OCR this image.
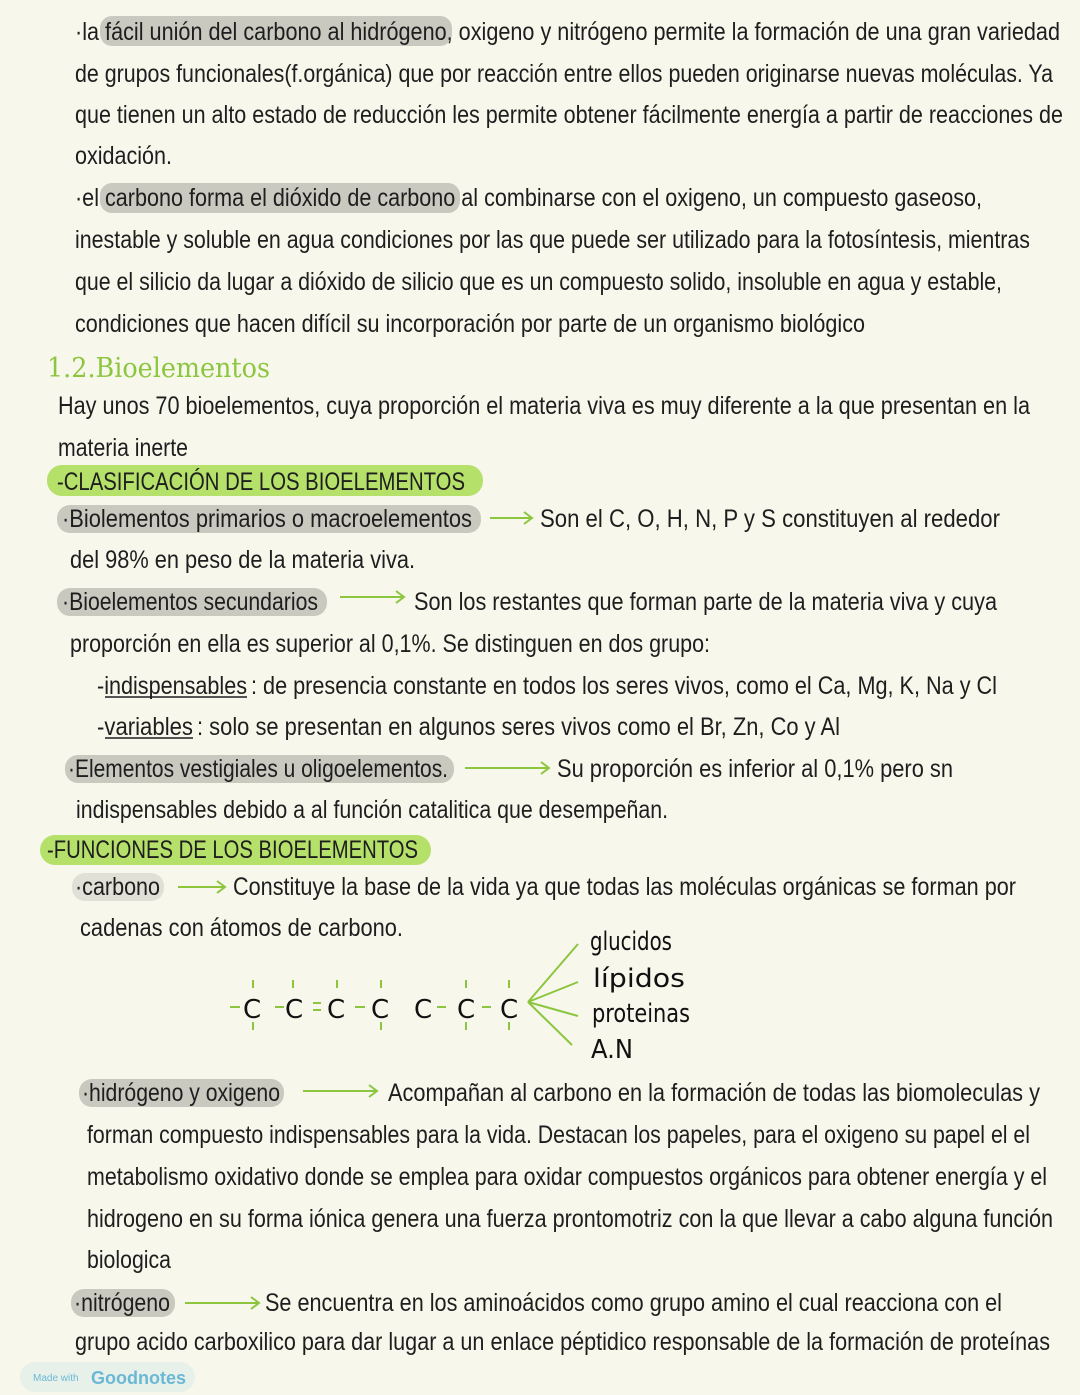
·la fácil unión del carbono al hidrógeno, oxigeno y nitrógeno permite la formación de una gran variedad
de grupos funcionales(f.orgánica) que por reacción entre ellos pueden originarse nuevas moléculas. Ya
que tienen un alto estado de reducción les permite obtener fácilmente energía a partir de reacciones de
oxidación.
·el carbono forma el dióxido de carbono al combinarse con el oxigeno, un compuesto gaseoso,
inestable y soluble en agua condiciones por las que puede ser utilizado para la fotosíntesis, mientras
que el silicio da lugar a dióxido de silicio que es un compuesto solido, insoluble en agua y estable,
condiciones que hacen difícil su incorporación por parte de un organismo biológico
1.2.Bioelementos
Hay unos 70 bioelementos, cuya proporción el materia viva es muy diferente a la que presentan en la
materia inerte
-CLASIFICACIÓN DE LOS BIOELEMENTOS
·Biolementos primarios o macroelementos	Son el C, O, H, N, P y S constituyen al rededor
del 98% en peso de la materia viva.
·Bioelementos secundarios	Son los restantes que forman parte de la materia viva y cuya
proporción en ella es superior al 0,1%. Se distinguen en dos grupo:
-indispensables : de presencia constante en todos los seres vivos, como el Ca, Mg, K, Na y Cl
-variables : solo se presentan en algunos seres vivos como el Br, Zn, Co y Al
·Elementos vestigiales u oligoelementos.	Su proporción es inferior al 0,1% pero sn
indispensables debido a al función catalitica que desempeñan.
-FUNCIONES DE LOS BIOELEMENTOS
·carbono	Constituye la base de la vida ya que todas las moléculas orgánicas se forman por
cadenas con átomos de carbono.
C C C C C C C
glucidos
lípidos
proteinas
A.N
·hidrógeno y oxigeno	Acompañan al carbono en la formación de todas las biomoleculas y
forman compuesto indispensables para la vida. Destacan los papeles, para el oxigeno su papel el el
metabolismo oxidativo donde se emplea para oxidar compuestos orgánicos para obtener energía y el
hidrogeno en su forma iónica genera una fuerza prontomotriz con la que llevar a cabo alguna función
biologica
·nitrógeno	Se encuentra en los aminoácidos como grupo amino el cual reacciona con el
grupo acido carboxilico para dar lugar a un enlace péptidico responsable de la formación de proteínas
Made with Goodnotes
